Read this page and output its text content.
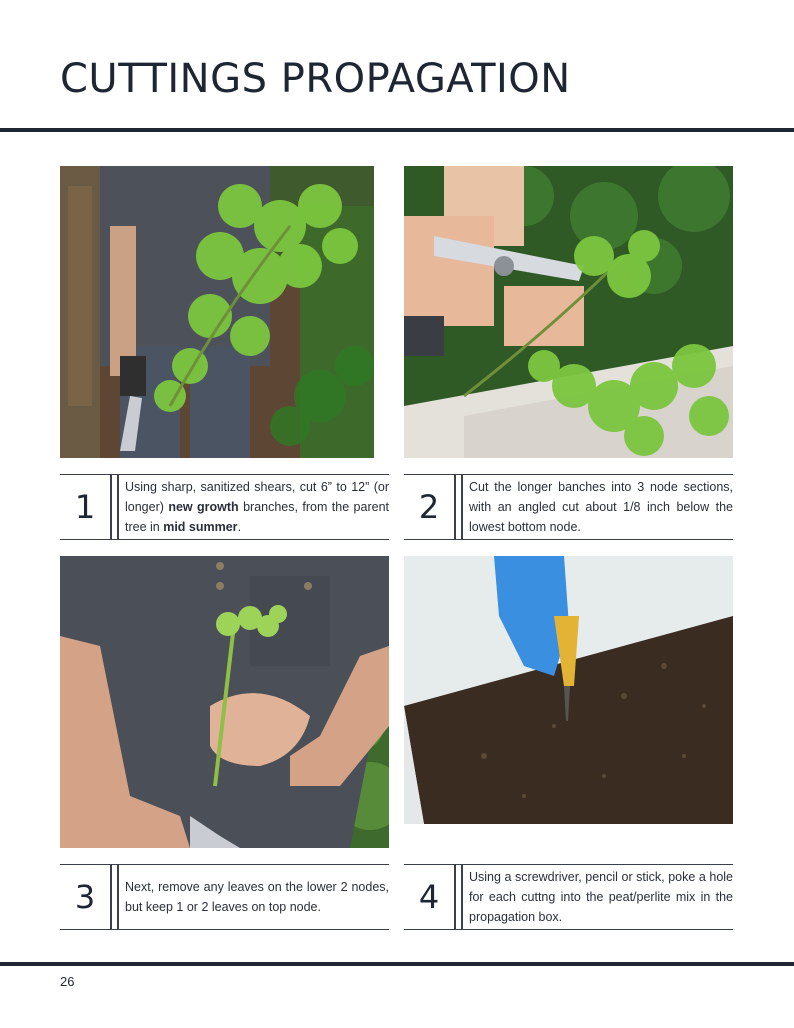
CUTTINGS PROPAGATION
1

Using sharp, sanitized shears, cut 6” to 12” (or longer) new growth branches, from the parent tree in mid summer.

2

Cut the longer banches into 3 node sections, with an angled cut about 1/8 inch below the lowest bottom node.

3	Next, remove any leaves on the lower 2 nodes, but keep 1 or 2 leaves on top node.	4

Using a screwdriver, pencil or stick, poke a hole for each cuttng into the peat/perlite mix in the propagation box.

26
